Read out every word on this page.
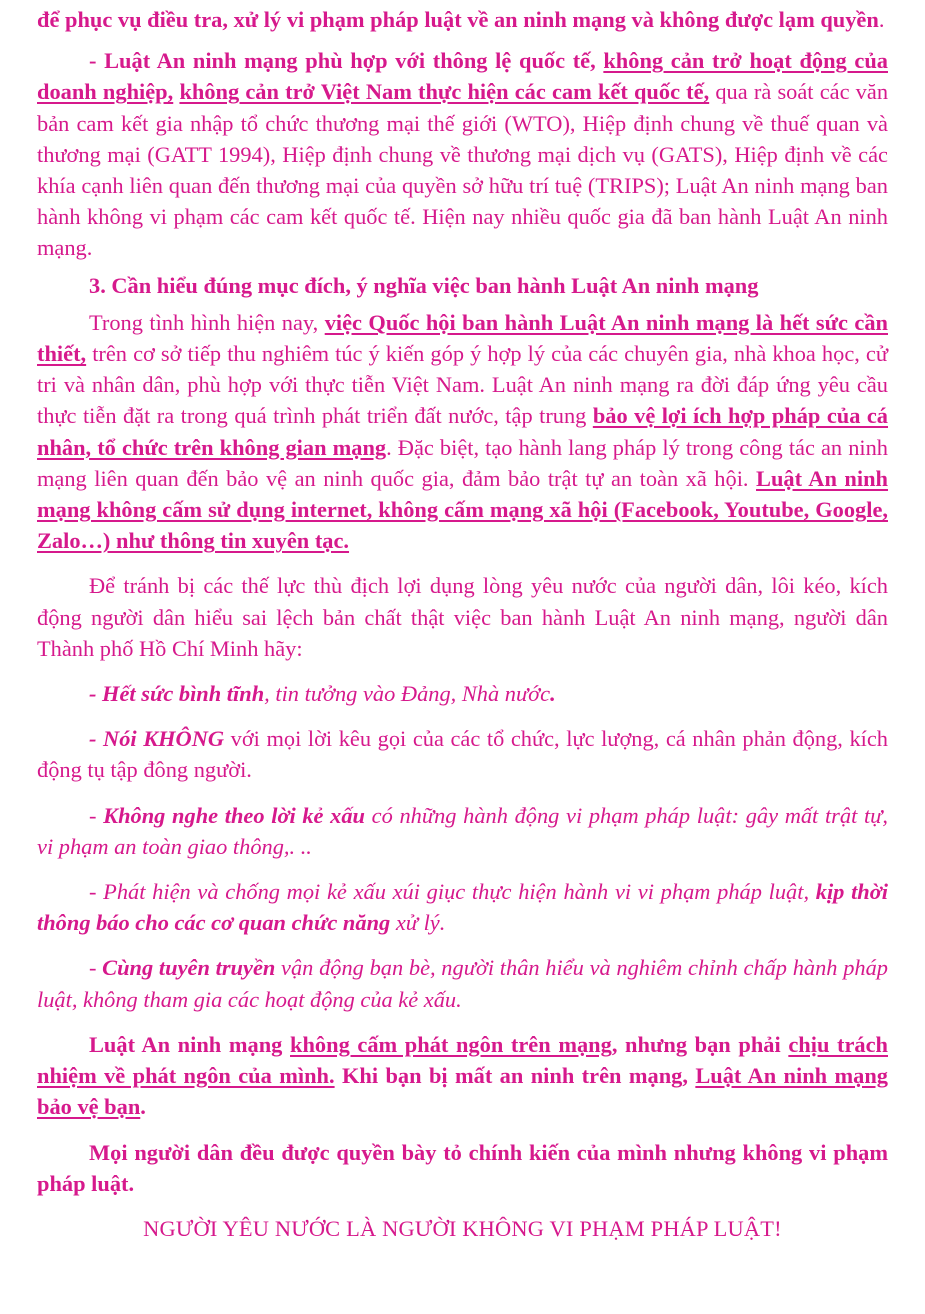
để phục vụ điều tra, xử lý vi phạm pháp luật về an ninh mạng và không được lạm quyền.

- Luật An ninh mạng phù hợp với thông lệ quốc tế, không cản trở hoạt động của doanh nghiệp, không cản trở Việt Nam thực hiện các cam kết quốc tế, qua rà soát các văn bản cam kết gia nhập tổ chức thương mại thế giới (WTO), Hiệp định chung về thuế quan và thương mại (GATT 1994), Hiệp định chung về thương mại dịch vụ (GATS), Hiệp định về các khía cạnh liên quan đến thương mại của quyền sở hữu trí tuệ (TRIPS); Luật An ninh mạng ban hành không vi phạm các cam kết quốc tế. Hiện nay nhiều quốc gia đã ban hành Luật An ninh mạng.

3. Cần hiểu đúng mục đích, ý nghĩa việc ban hành Luật An ninh mạng

Trong tình hình hiện nay, việc Quốc hội ban hành Luật An ninh mạng là hết sức cần thiết, trên cơ sở tiếp thu nghiêm túc ý kiến góp ý hợp lý của các chuyên gia, nhà khoa học, cử tri và nhân dân, phù hợp với thực tiễn Việt Nam. Luật An ninh mạng ra đời đáp ứng yêu cầu thực tiễn đặt ra trong quá trình phát triển đất nước, tập trung bảo vệ lợi ích hợp pháp của cá nhân, tổ chức trên không gian mạng. Đặc biệt, tạo hành lang pháp lý trong công tác an ninh mạng liên quan đến bảo vệ an ninh quốc gia, đảm bảo trật tự an toàn xã hội. Luật An ninh mạng không cấm sử dụng internet, không cấm mạng xã hội (Facebook, Youtube, Google, Zalo…) như thông tin xuyên tạc.

Để tránh bị các thế lực thù địch lợi dụng lòng yêu nước của người dân, lôi kéo, kích động người dân hiểu sai lệch bản chất thật việc ban hành Luật An ninh mạng, người dân Thành phố Hồ Chí Minh hãy:

- Hết sức bình tĩnh, tin tưởng vào Đảng, Nhà nước.

- Nói KHÔNG với mọi lời kêu gọi của các tổ chức, lực lượng, cá nhân phản động, kích động tụ tập đông người.

- Không nghe theo lời kẻ xấu có những hành động vi phạm pháp luật: gây mất trật tự, vi phạm an toàn giao thông,. ..

- Phát hiện và chống mọi kẻ xấu xúi giục thực hiện hành vi vi phạm pháp luật, kịp thời thông báo cho các cơ quan chức năng xử lý.

- Cùng tuyên truyền vận động bạn bè, người thân hiểu và nghiêm chỉnh chấp hành pháp luật, không tham gia các hoạt động của kẻ xấu.

Luật An ninh mạng không cấm phát ngôn trên mạng, nhưng bạn phải chịu trách nhiệm về phát ngôn của mình. Khi bạn bị mất an ninh trên mạng, Luật An ninh mạng bảo vệ bạn.

Mọi người dân đều được quyền bày tỏ chính kiến của mình nhưng không vi phạm pháp luật.

NGƯỜI YÊU NƯỚC LÀ NGƯỜI KHÔNG VI PHẠM PHÁP LUẬT!
